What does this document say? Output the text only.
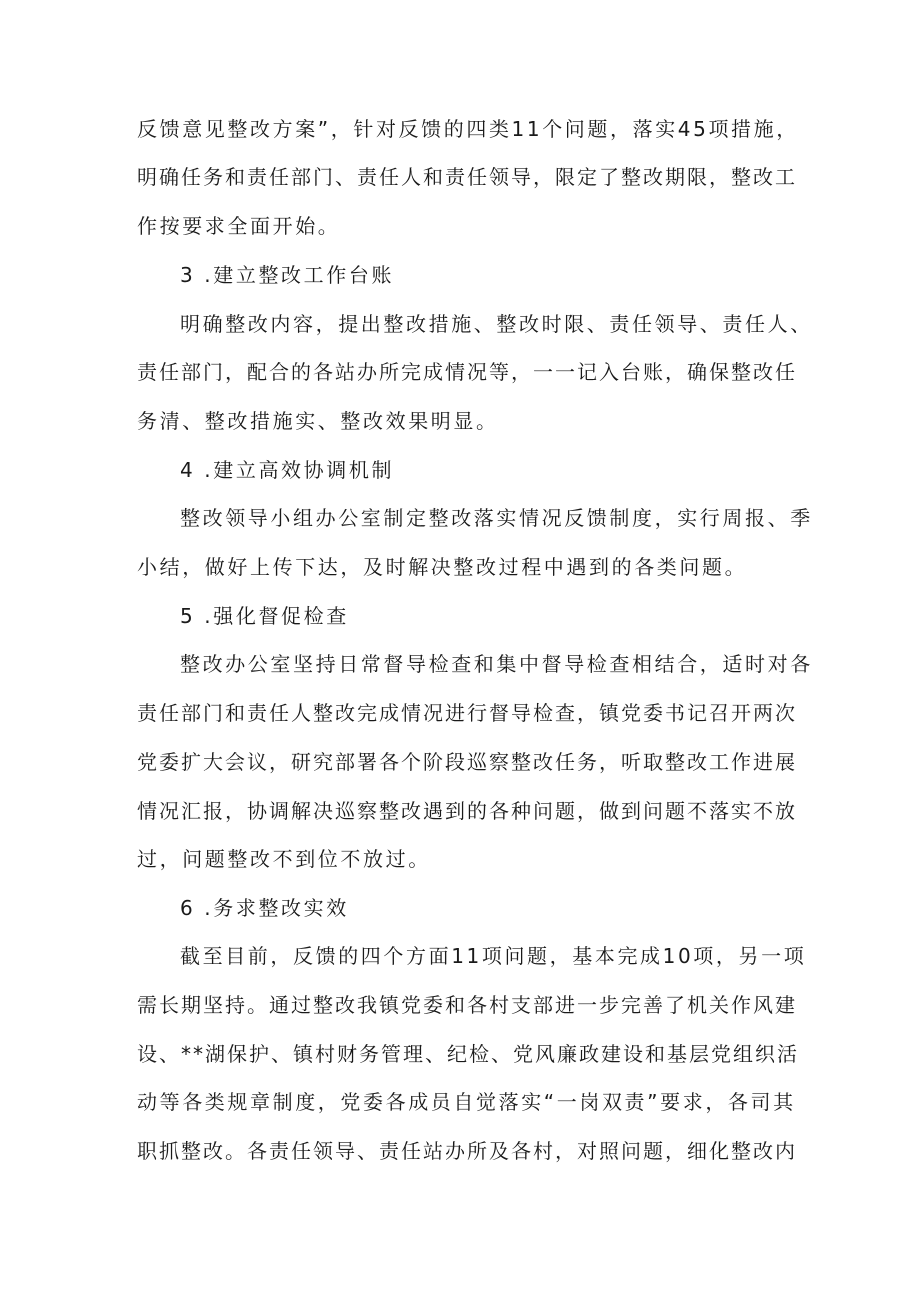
反馈意见整改方案”，针对反馈的四类11个问题，落实45项措施，
明确任务和责任部门、责任人和责任领导，限定了整改期限，整改工
作按要求全面开始。
3 .建立整改工作台账
明确整改内容，提出整改措施、整改时限、责任领导、责任人、
责任部门，配合的各站办所完成情况等，一一记入台账，确保整改任
务清、整改措施实、整改效果明显。
4 .建立高效协调机制
整改领导小组办公室制定整改落实情况反馈制度，实行周报、季
小结，做好上传下达，及时解决整改过程中遇到的各类问题。
5 .强化督促检查
整改办公室坚持日常督导检查和集中督导检查相结合，适时对各
责任部门和责任人整改完成情况进行督导检查，镇党委书记召开两次
党委扩大会议，研究部署各个阶段巡察整改任务，听取整改工作进展
情况汇报，协调解决巡察整改遇到的各种问题，做到问题不落实不放
过，问题整改不到位不放过。
6 .务求整改实效
截至目前，反馈的四个方面11项问题，基本完成10项，另一项
需长期坚持。通过整改我镇党委和各村支部进一步完善了机关作风建
设、**湖保护、镇村财务管理、纪检、党风廉政建设和基层党组织活
动等各类规章制度，党委各成员自觉落实“一岗双责”要求，各司其
职抓整改。各责任领导、责任站办所及各村，对照问题，细化整改内
